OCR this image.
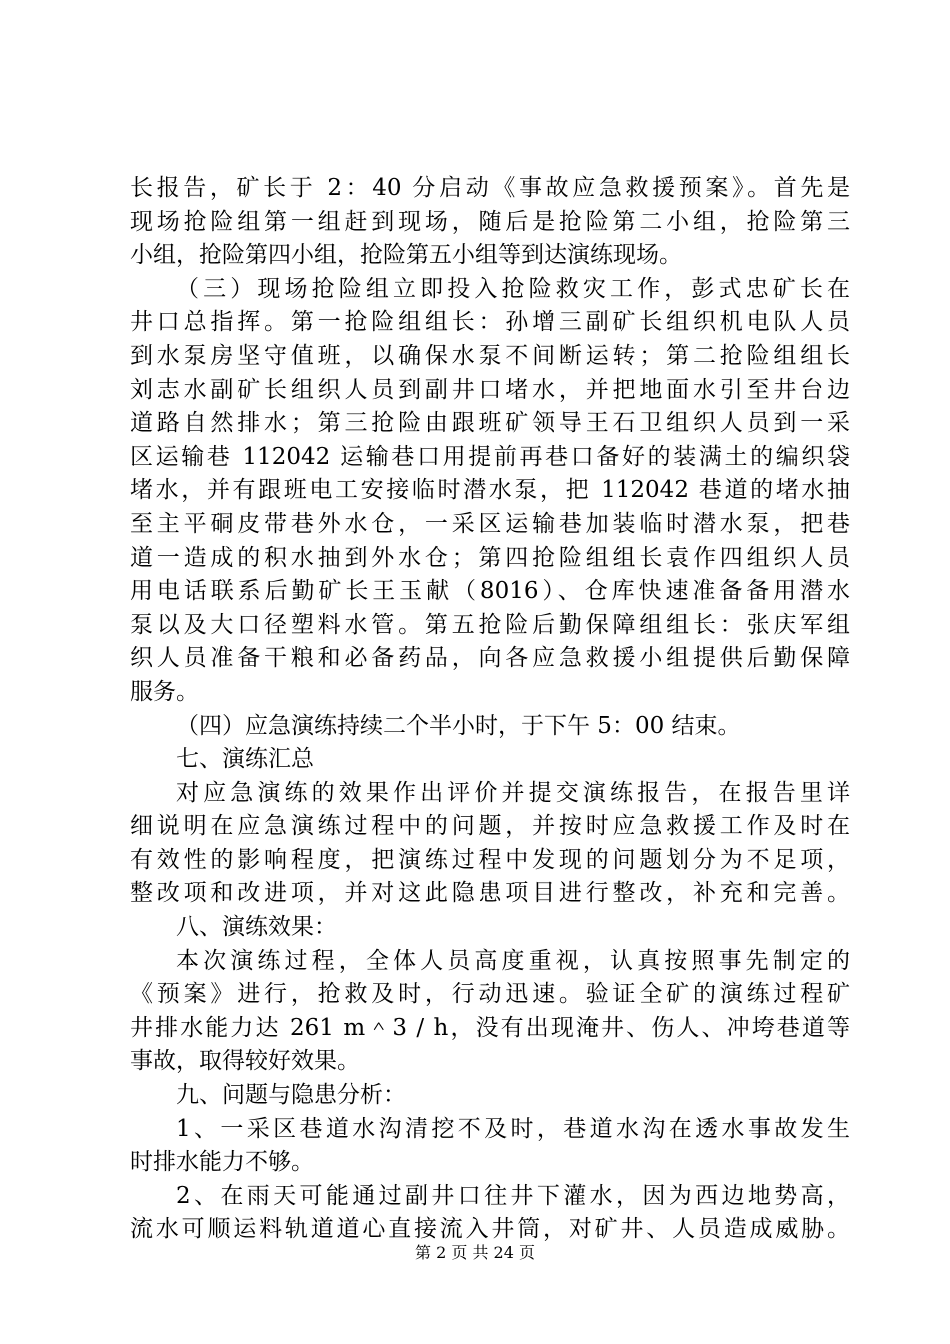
长报告，矿长于 2：40 分启动《事故应急救援预案》。首先是
现场抢险组第一组赶到现场，随后是抢险第二小组，抢险第三
小组，抢险第四小组，抢险第五小组等到达演练现场。
（三）现场抢险组立即投入抢险救灾工作，彭式忠矿长在
井口总指挥。第一抢险组组长：孙增三副矿长组织机电队人员
到水泵房坚守值班，以确保水泵不间断运转；第二抢险组组长
刘志水副矿长组织人员到副井口堵水，并把地面水引至井台边
道路自然排水；第三抢险由跟班矿领导王石卫组织人员到一采
区运输巷 112042 运输巷口用提前再巷口备好的装满土的编织袋
堵水，并有跟班电工安接临时潜水泵，把 112042 巷道的堵水抽
至主平硐皮带巷外水仓，一采区运输巷加装临时潜水泵，把巷
道一造成的积水抽到外水仓；第四抢险组组长袁作四组织人员
用电话联系后勤矿长王玉献（8016）、仓库快速准备备用潜水
泵以及大口径塑料水管。第五抢险后勤保障组组长：张庆军组
织人员准备干粮和必备药品，向各应急救援小组提供后勤保障
服务。
（四）应急演练持续二个半小时，于下午 5：00 结束。
七、演练汇总
对应急演练的效果作出评价并提交演练报告，在报告里详
细说明在应急演练过程中的问题，并按时应急救援工作及时在
有效性的影响程度，把演练过程中发现的问题划分为不足项，
整改项和改进项，并对这此隐患项目进行整改，补充和完善。
八、演练效果：
本次演练过程，全体人员高度重视，认真按照事先制定的
《预案》进行，抢救及时，行动迅速。验证全矿的演练过程矿
井排水能力达 261 m＾3 / h，没有出现淹井、伤人、冲垮巷道等
事故，取得较好效果。
九、问题与隐患分析：
1、一采区巷道水沟清挖不及时，巷道水沟在透水事故发生
时排水能力不够。
2、在雨天可能通过副井口往井下灌水，因为西边地势高，
流水可顺运料轨道道心直接流入井筒，对矿井、人员造成威胁。
第 2 页 共 24 页
